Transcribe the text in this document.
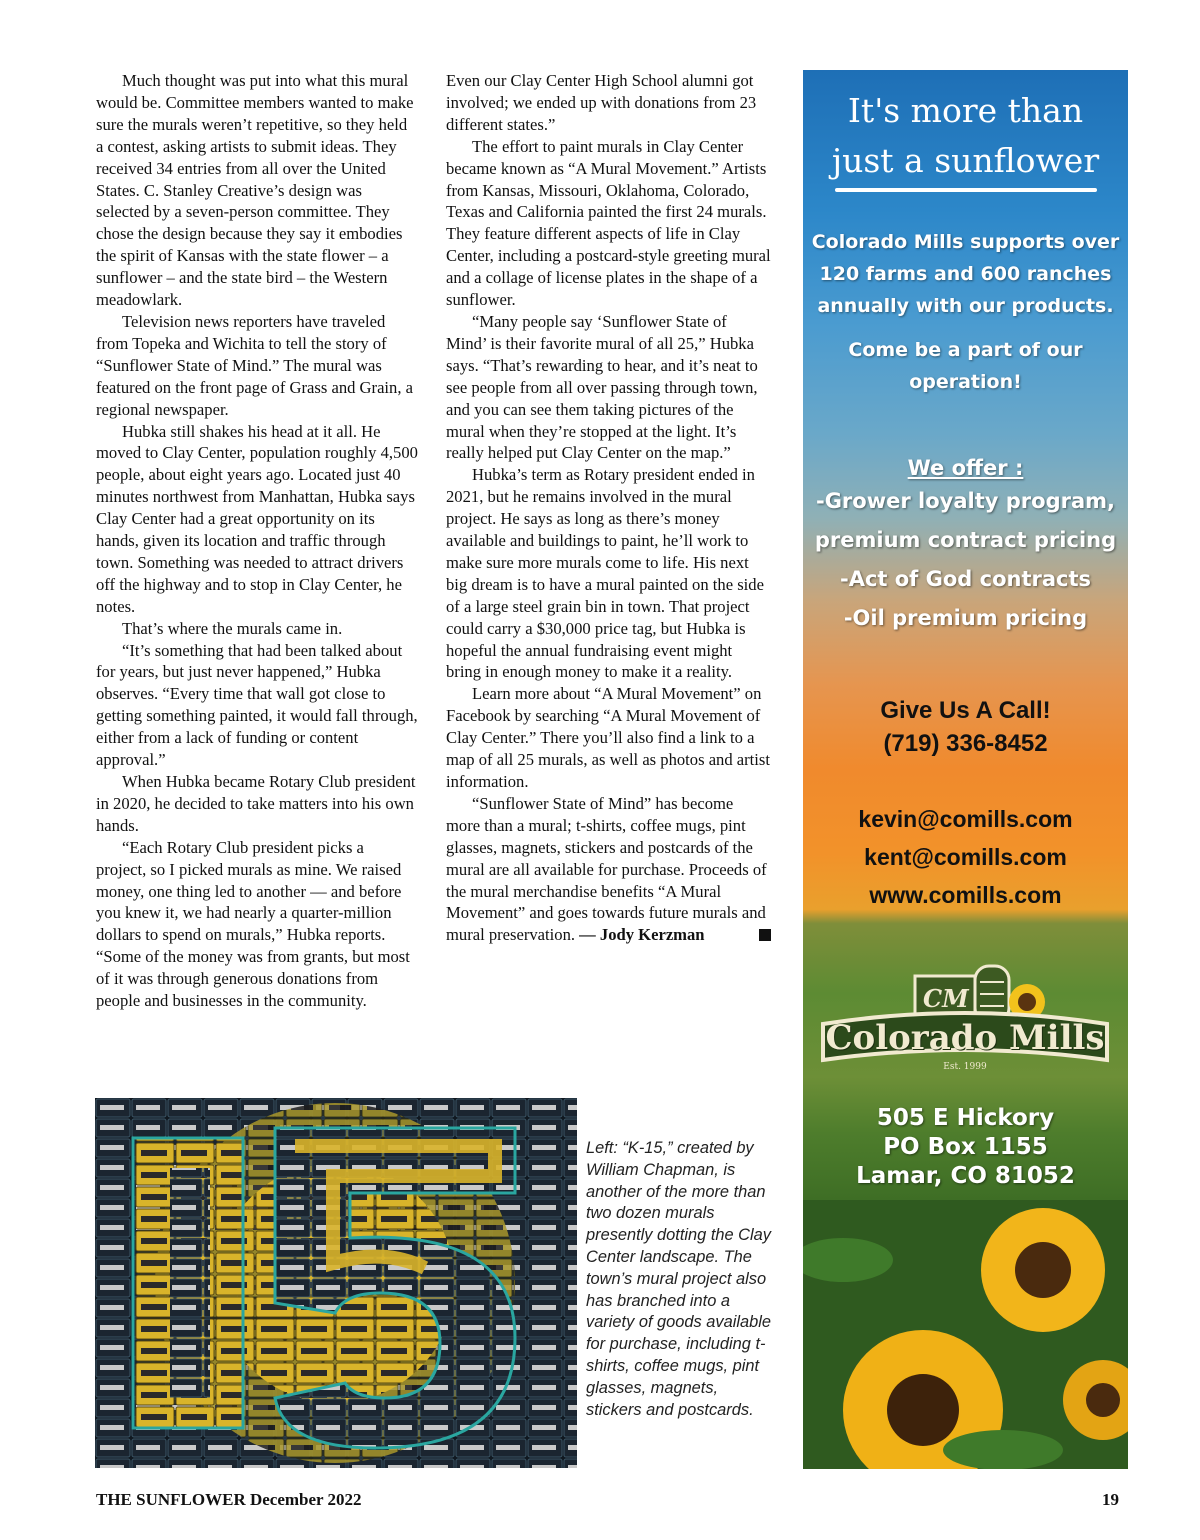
Much thought was put into what this mural would be. Committee members wanted to make sure the murals weren’t repetitive, so they held a contest, asking artists to submit ideas. They received 34 entries from all over the United States. C. Stanley Creative’s design was selected by a seven-person committee. They chose the design because they say it embodies the spirit of Kansas with the state flower – a sunflower – and the state bird – the Western meadowlark.

Television news reporters have traveled from Topeka and Wichita to tell the story of “Sunflower State of Mind.” The mural was featured on the front page of Grass and Grain, a regional newspaper.

Hubka still shakes his head at it all. He moved to Clay Center, population roughly 4,500 people, about eight years ago. Located just 40 minutes northwest from Manhattan, Hubka says Clay Center had a great opportunity on its hands, given its location and traffic through town. Something was needed to attract drivers off the highway and to stop in Clay Center, he notes.

That’s where the murals came in.

“It’s something that had been talked about for years, but just never happened,” Hubka observes. “Every time that wall got close to getting something painted, it would fall through, either from a lack of funding or content approval.”

When Hubka became Rotary Club president in 2020, he decided to take matters into his own hands.

“Each Rotary Club president picks a project, so I picked murals as mine. We raised money, one thing led to another — and before you knew it, we had nearly a quarter-million dollars to spend on murals,” Hubka reports. “Some of the money was from grants, but most of it was through generous donations from people and businesses in the community.

Even our Clay Center High School alumni got involved; we ended up with donations from 23 different states.”

The effort to paint murals in Clay Center became known as “A Mural Movement.” Artists from Kansas, Missouri, Oklahoma, Colorado, Texas and California painted the first 24 murals. They feature different aspects of life in Clay Center, including a postcard-style greeting mural and a collage of license plates in the shape of a sunflower.

“Many people say ‘Sunflower State of Mind’ is their favorite mural of all 25,” Hubka says. “That’s rewarding to hear, and it’s neat to see people from all over passing through town, and you can see them taking pictures of the mural when they’re stopped at the light. It’s really helped put Clay Center on the map.”

Hubka’s term as Rotary president ended in 2021, but he remains involved in the mural project. He says as long as there’s money available and buildings to paint, he’ll work to make sure more murals come to life. His next big dream is to have a mural painted on the side of a large steel grain bin in town. That project could carry a $30,000 price tag, but Hubka is hopeful the annual fundraising event might bring in enough money to make it a reality.

Learn more about “A Mural Movement” on Facebook by searching “A Mural Movement of Clay Center.” There you’ll also find a link to a map of all 25 murals, as well as photos and artist information.

“Sunflower State of Mind” has become more than a mural; t-shirts, coffee mugs, pint glasses, magnets, stickers and postcards of the mural are all available for purchase. Proceeds of the mural merchandise benefits “A Mural Movement” and goes towards future murals and mural preservation. — Jody Kerzman

Left: “K-15,” created by William Chapman, is another of the more than two dozen murals presently dotting the Clay Center landscape. The town’s mural project also has branched into a variety of goods available for purchase, including t-shirts, coffee mugs, pint glasses, magnets, stickers and postcards.
It's more than
just a sunflower
Colorado Mills supports over
120 farms and 600 ranches
annually with our products.
Come be a part of our
operation!
We offer :
-Grower loyalty program,
premium contract pricing
-Act of God contracts
-Oil premium pricing
Give Us A Call!
(719) 336-8452
kevin@comills.com
kent@comills.com
www.comills.com
CM
Colorado Mills
Est. 1999
505 E Hickory
PO Box 1155
Lamar, CO 81052
THE SUNFLOWER December 2022	19
